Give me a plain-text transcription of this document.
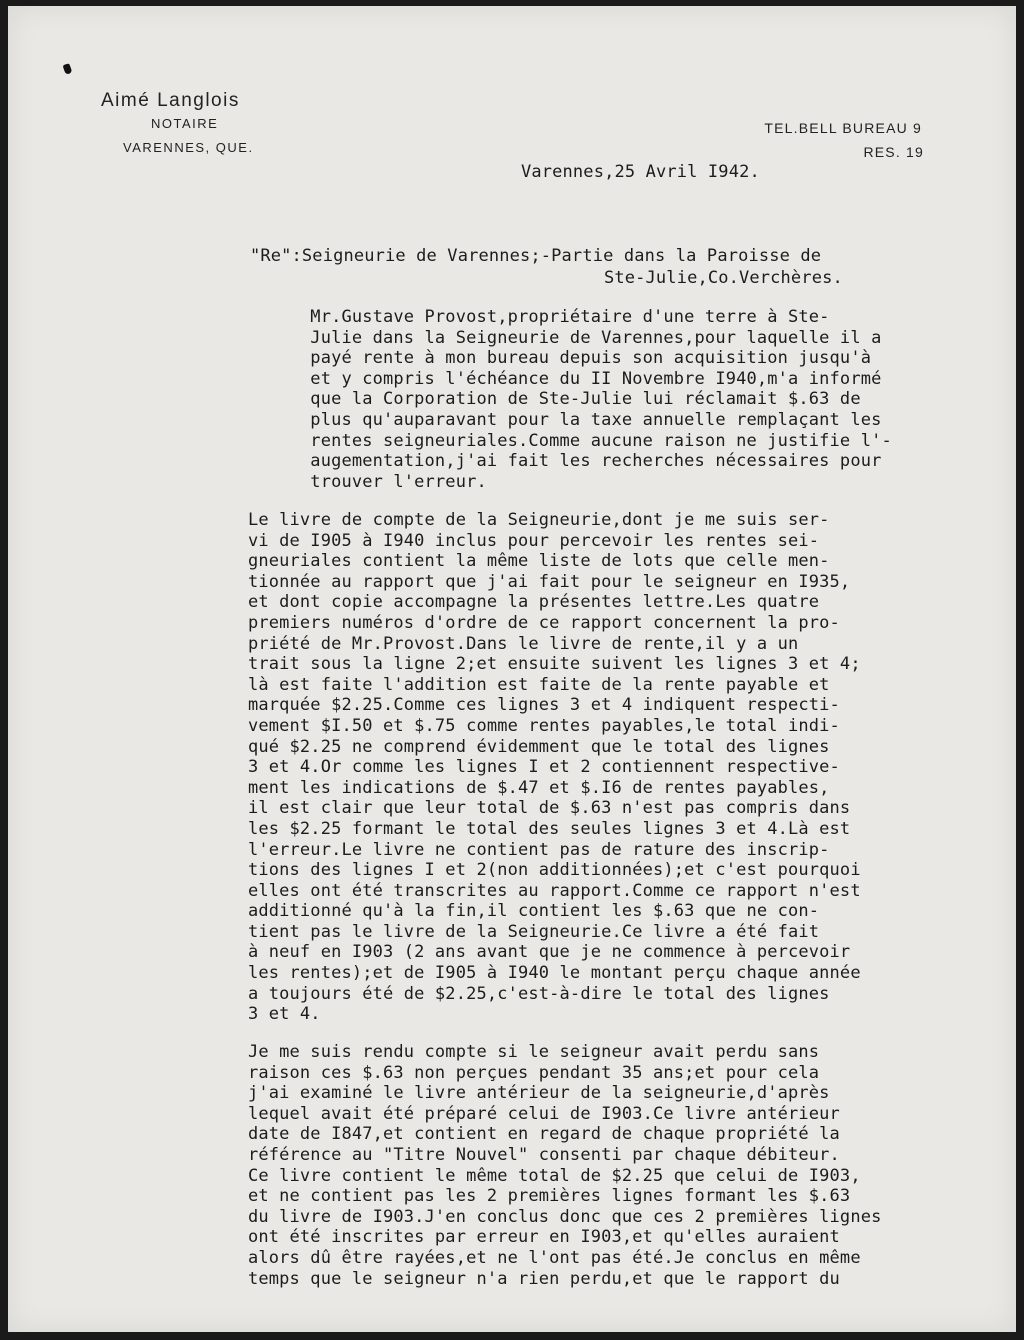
Aimé Langlois
NOTAIRE
VARENNES, QUE.
TEL.BELL BUREAU 9
RES. 19
Varennes,25 Avril I942.
"Re":Seigneurie de Varennes;-Partie dans la Paroisse de
Ste-Julie,Co.Verchères.
Mr.Gustave Provost,propriétaire d'une terre à Ste-
Julie dans la Seigneurie de Varennes,pour laquelle il a
payé rente à mon bureau depuis son acquisition jusqu'à
et y compris l'échéance du II Novembre I940,m'a informé
que la Corporation de Ste-Julie lui réclamait $.63 de
plus qu'auparavant pour la taxe annuelle remplaçant les
rentes seigneuriales.Comme aucune raison ne justifie l'-
augementation,j'ai fait les recherches nécessaires pour
trouver l'erreur.
Le livre de compte de la Seigneurie,dont je me suis ser-
vi de I905 à I940 inclus pour percevoir les rentes sei-
gneuriales contient la même liste de lots que celle men-
tionnée au rapport que j'ai fait pour le seigneur en I935,
et dont copie accompagne la présentes lettre.Les quatre
premiers numéros d'ordre de ce rapport concernent la pro-
priété de Mr.Provost.Dans le livre de rente,il y a un
trait sous la ligne 2;et ensuite suivent les lignes 3 et 4;
là est faite l'addition est faite de la rente payable et
marquée $2.25.Comme ces lignes 3 et 4 indiquent respecti-
vement $I.50 et $.75 comme rentes payables,le total indi-
qué $2.25 ne comprend évidemment que le total des lignes
3 et 4.Or comme les lignes I et 2 contiennent respective-
ment les indications de $.47 et $.I6 de rentes payables,
il est clair que leur total de $.63 n'est pas compris dans
les $2.25 formant le total des seules lignes 3 et 4.Là est
l'erreur.Le livre ne contient pas de rature des inscrip-
tions des lignes I et 2(non additionnées);et c'est pourquoi
elles ont été transcrites au rapport.Comme ce rapport n'est
additionné qu'à la fin,il contient les $.63 que ne con-
tient pas le livre de la Seigneurie.Ce livre a été fait
à neuf en I903 (2 ans avant que je ne commence à percevoir
les rentes);et de I905 à I940 le montant perçu chaque année
a toujours été de $2.25,c'est-à-dire le total des lignes
3 et 4.
Je me suis rendu compte si le seigneur avait perdu sans
raison ces $.63 non perçues pendant 35 ans;et pour cela
j'ai examiné le livre antérieur de la seigneurie,d'après
lequel avait été préparé celui de I903.Ce livre antérieur
date de I847,et contient en regard de chaque propriété la
référence au "Titre Nouvel" consenti par chaque débiteur.
Ce livre contient le même total de $2.25 que celui de I903,
et ne contient pas les 2 premières lignes formant les $.63
du livre de I903.J'en conclus donc que ces 2 premières lignes
ont été inscrites par erreur en I903,et qu'elles auraient
alors dû être rayées,et ne l'ont pas été.Je conclus en même
temps que le seigneur n'a rien perdu,et que le rapport du
